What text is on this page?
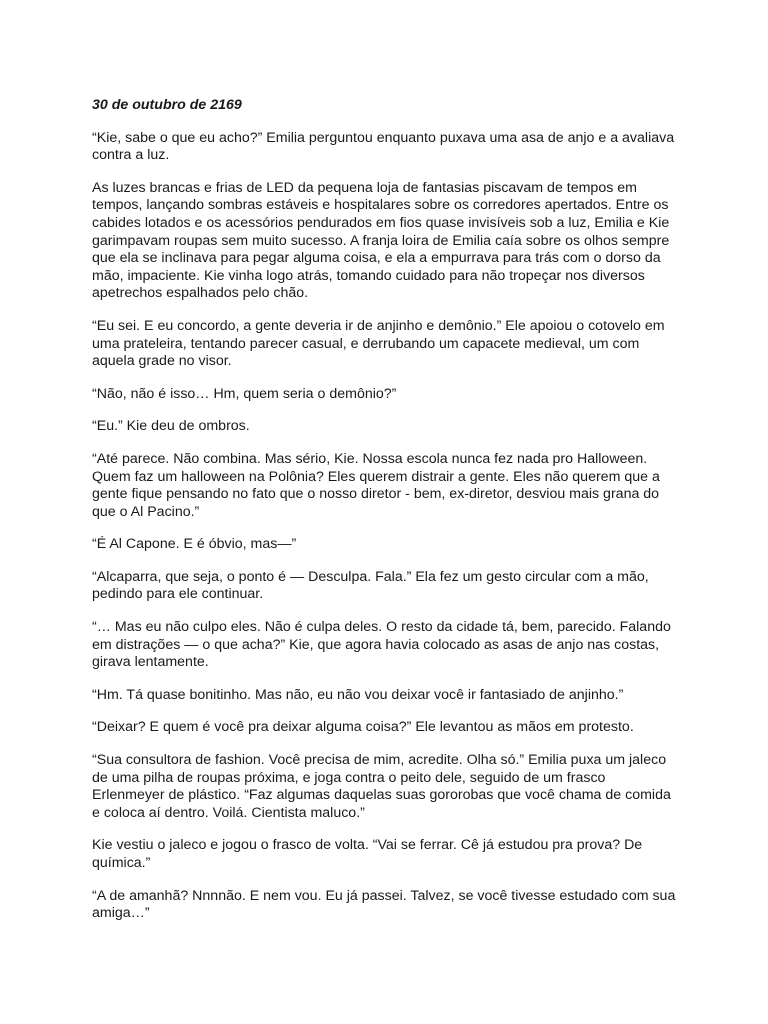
30 de outubro de 2169

“Kie, sabe o que eu acho?” Emilia perguntou enquanto puxava uma asa de anjo e a avaliava contra a luz.

As luzes brancas e frias de LED da pequena loja de fantasias piscavam de tempos em tempos, lançando sombras estáveis e hospitalares sobre os corredores apertados. Entre os cabides lotados e os acessórios pendurados em fios quase invisíveis sob a luz, Emilia e Kie garimpavam roupas sem muito sucesso. A franja loira de Emilia caía sobre os olhos sempre que ela se inclinava para pegar alguma coisa, e ela a empurrava para trás com o dorso da mão, impaciente. Kie vinha logo atrás, tomando cuidado para não tropeçar nos diversos apetrechos espalhados pelo chão.

“Eu sei. E eu concordo, a gente deveria ir de anjinho e demônio.” Ele apoiou o cotovelo em uma prateleira, tentando parecer casual, e derrubando um capacete medieval, um com aquela grade no visor.

“Não, não é isso… Hm, quem seria o demônio?”

“Eu.” Kie deu de ombros.

“Até parece. Não combina. Mas sério, Kie. Nossa escola nunca fez nada pro Halloween. Quem faz um halloween na Polônia? Eles querem distrair a gente. Eles não querem que a gente fique pensando no fato que o nosso diretor - bem, ex-diretor, desviou mais grana do que o Al Pacino.”

“É Al Capone. E é óbvio, mas—”

“Alcaparra, que seja, o ponto é — Desculpa. Fala.” Ela fez um gesto circular com a mão, pedindo para ele continuar.

“… Mas eu não culpo eles. Não é culpa deles. O resto da cidade tá, bem, parecido. Falando em distrações — o que acha?” Kie, que agora havia colocado as asas de anjo nas costas, girava lentamente.

“Hm. Tá quase bonitinho. Mas não, eu não vou deixar você ir fantasiado de anjinho.”

“Deixar? E quem é você pra deixar alguma coisa?” Ele levantou as mãos em protesto.

“Sua consultora de fashion. Você precisa de mim, acredite. Olha só.” Emilia puxa um jaleco de uma pilha de roupas próxima, e joga contra o peito dele, seguido de um frasco Erlenmeyer de plástico. “Faz algumas daquelas suas gororobas que você chama de comida e coloca aí dentro. Voilá. Cientista maluco.”

Kie vestiu o jaleco e jogou o frasco de volta. “Vai se ferrar. Cê já estudou pra prova? De química.”

“A de amanhã? Nnnnão. E nem vou. Eu já passei. Talvez, se você tivesse estudado com sua amiga…”
